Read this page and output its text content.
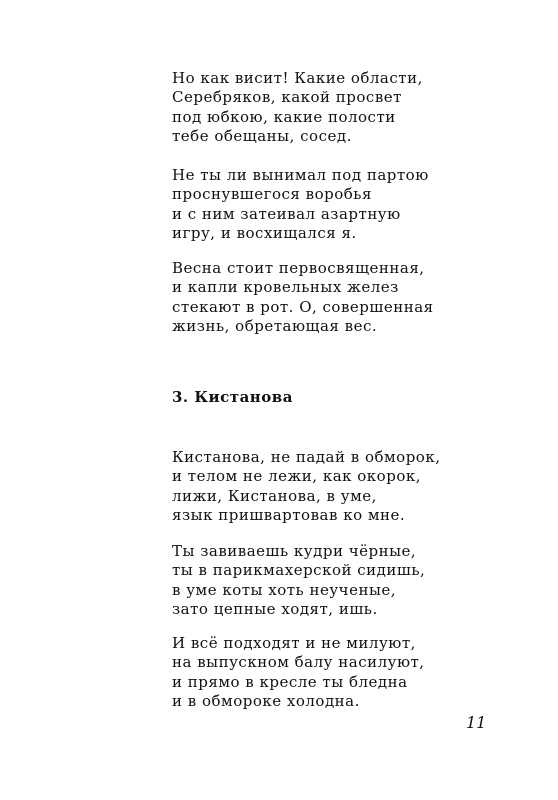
Но как висит! Какие области,
Серебряков, какой просвет
под юбкою, какие полости
тебе обещаны, сосед.
Не ты ли вынимал под партою
проснувшегося воробья
и с ним затеивал азартную
игру, и восхищался я.
Весна стоит первосвященная,
и капли кровельных желез
стекают в рот. О, совершенная
жизнь, обретающая вес.
3. Кистанова
Кистанова, не падай в обморок,
и телом не лежи, как окорок,
лижи, Кистанова, в уме,
язык пришвартовав ко мне.
Ты завиваешь кудри чёрные,
ты в парикмахерской сидишь,
в уме коты хоть неученые,
зато цепные ходят, ишь.
И всё подходят и не милуют,
на выпускном балу насилуют,
и прямо в кресле ты бледна
и в обмороке холодна.
11
